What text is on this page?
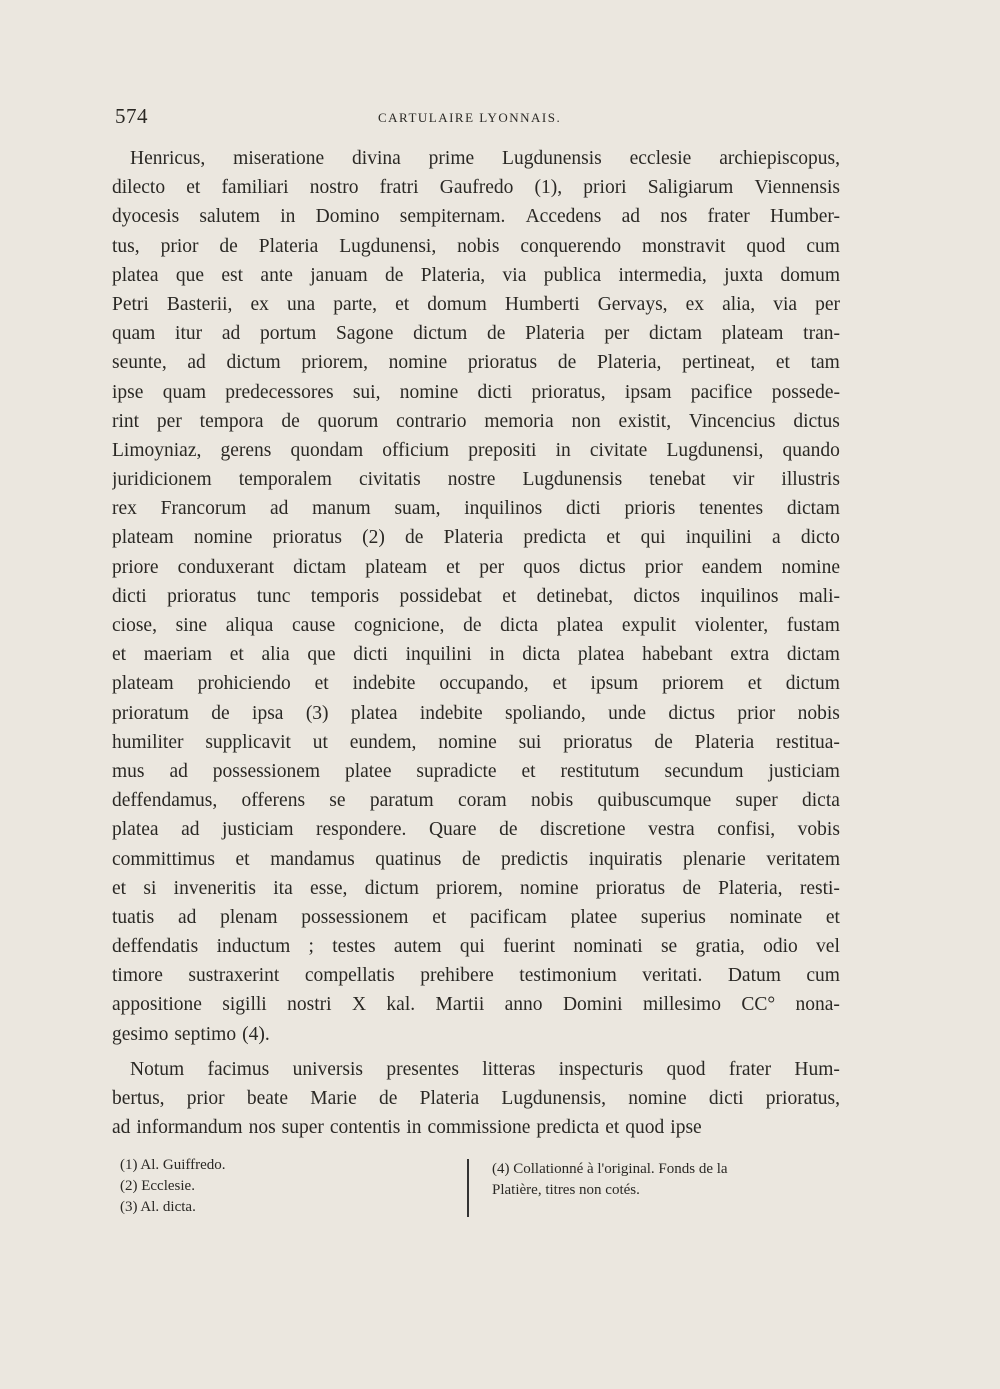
574	CARTULAIRE LYONNAIS.
Henricus, miseratione divina prime Lugdunensis ecclesie archiepiscopus,
dilecto et familiari nostro fratri Gaufredo (1), priori Saligiarum Viennensis
dyocesis salutem in Domino sempiternam. Accedens ad nos frater Humber-
tus, prior de Plateria Lugdunensi, nobis conquerendo monstravit quod cum
platea que est ante januam de Plateria, via publica intermedia, juxta domum
Petri Basterii, ex una parte, et domum Humberti Gervays, ex alia, via per
quam itur ad portum Sagone dictum de Plateria per dictam plateam tran-
seunte, ad dictum priorem, nomine prioratus de Plateria, pertineat, et tam
ipse quam predecessores sui, nomine dicti prioratus, ipsam pacifice possede-
rint per tempora de quorum contrario memoria non existit, Vincencius dictus
Limoyniaz, gerens quondam officium prepositi in civitate Lugdunensi, quando
juridicionem temporalem civitatis nostre Lugdunensis tenebat vir illustris
rex Francorum ad manum suam, inquilinos dicti prioris tenentes dictam
plateam nomine prioratus (2) de Plateria predicta et qui inquilini a dicto
priore conduxerant dictam plateam et per quos dictus prior eandem nomine
dicti prioratus tunc temporis possidebat et detinebat, dictos inquilinos mali-
ciose, sine aliqua cause cognicione, de dicta platea expulit violenter, fustam
et maeriam et alia que dicti inquilini in dicta platea habebant extra dictam
plateam prohiciendo et indebite occupando, et ipsum priorem et dictum
prioratum de ipsa (3) platea indebite spoliando, unde dictus prior nobis
humiliter supplicavit ut eundem, nomine sui prioratus de Plateria restitua-
mus ad possessionem platee supradicte et restitutum secundum justiciam
deffendamus, offerens se paratum coram nobis quibuscumque super dicta
platea ad justiciam respondere. Quare de discretione vestra confisi, vobis
committimus et mandamus quatinus de predictis inquiratis plenarie veritatem
et si inveneritis ita esse, dictum priorem, nomine prioratus de Plateria, resti-
tuatis ad plenam possessionem et pacificam platee superius nominate et
deffendatis inductum ; testes autem qui fuerint nominati se gratia, odio vel
timore sustraxerint compellatis prehibere testimonium veritati. Datum cum
appositione sigilli nostri X kal. Martii anno Domini millesimo CC° nona-
gesimo septimo (4).
Notum facimus universis presentes litteras inspecturis quod frater Hum-
bertus, prior beate Marie de Plateria Lugdunensis, nomine dicti prioratus,
ad informandum nos super contentis in commissione predicta et quod ipse
(1) Al. Guiffredo.
(2) Ecclesie.
(3) Al. dicta.
(4) Collationné à l'original. Fonds de la
Platière, titres non cotés.
